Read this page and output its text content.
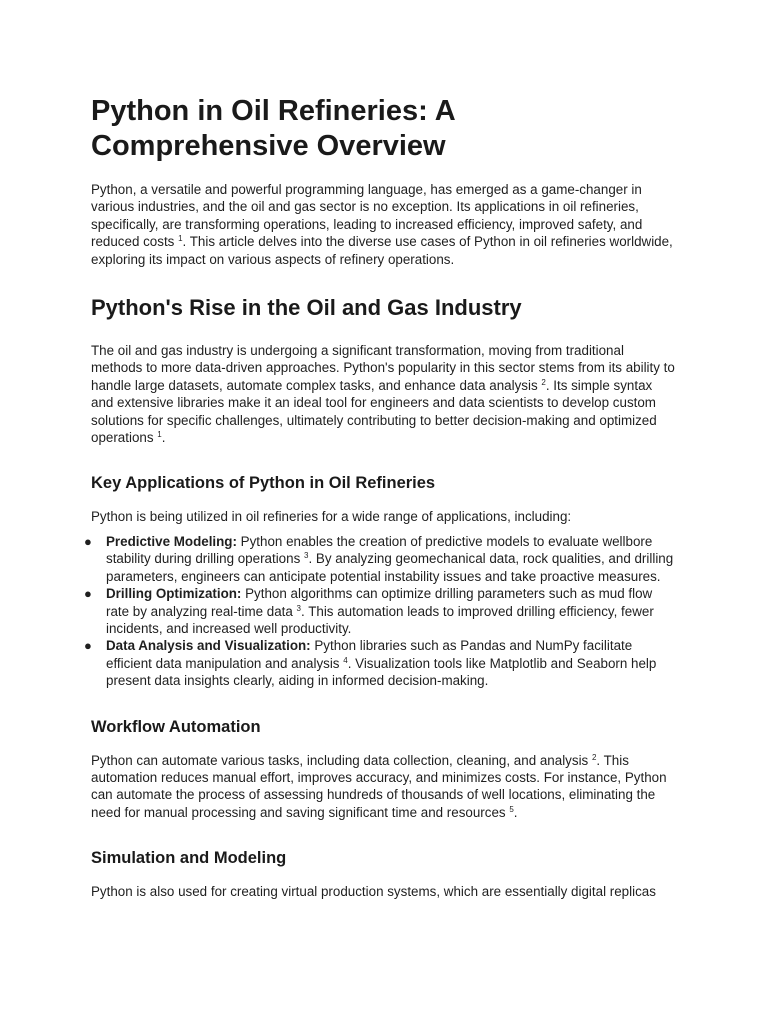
Python in Oil Refineries: A Comprehensive Overview

Python, a versatile and powerful programming language, has emerged as a game-changer in various industries, and the oil and gas sector is no exception. Its applications in oil refineries, specifically, are transforming operations, leading to increased efficiency, improved safety, and reduced costs $^1$. This article delves into the diverse use cases of Python in oil refineries worldwide, exploring its impact on various aspects of refinery operations.

Python's Rise in the Oil and Gas Industry

The oil and gas industry is undergoing a significant transformation, moving from traditional methods to more data-driven approaches. Python's popularity in this sector stems from its ability to handle large datasets, automate complex tasks, and enhance data analysis $^2$. Its simple syntax and extensive libraries make it an ideal tool for engineers and data scientists to develop custom solutions for specific challenges, ultimately contributing to better decision-making and optimized operations $^1$.

Key Applications of Python in Oil Refineries

Python is being utilized in oil refineries for a wide range of applications, including:

● Predictive Modeling: Python enables the creation of predictive models to evaluate wellbore stability during drilling operations $^3$. By analyzing geomechanical data, rock qualities, and drilling parameters, engineers can anticipate potential instability issues and take proactive measures.
● Drilling Optimization: Python algorithms can optimize drilling parameters such as mud flow rate by analyzing real-time data $^3$. This automation leads to improved drilling efficiency, fewer incidents, and increased well productivity.
● Data Analysis and Visualization: Python libraries such as Pandas and NumPy facilitate efficient data manipulation and analysis $^4$. Visualization tools like Matplotlib and Seaborn help present data insights clearly, aiding in informed decision-making.
Workflow Automation

Python can automate various tasks, including data collection, cleaning, and analysis $^2$. This automation reduces manual effort, improves accuracy, and minimizes costs. For instance, Python can automate the process of assessing hundreds of thousands of well locations, eliminating the need for manual processing and saving significant time and resources $^5$.

Simulation and Modeling

Python is also used for creating virtual production systems, which are essentially digital replicas
